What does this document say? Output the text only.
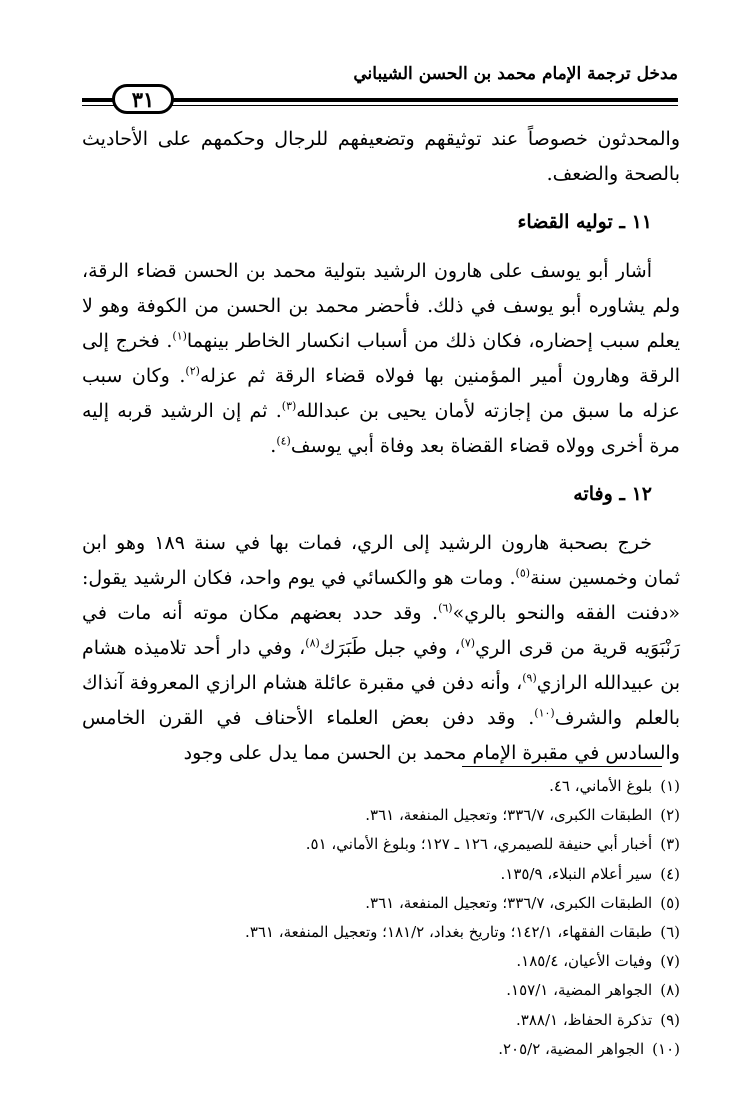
مدخل ترجمة الإمام محمد بن الحسن الشيباني
٣١

والمحدثون خصوصاً عند توثيقهم وتضعيفهم للرجال وحكمهم على الأحاديث بالصحة والضعف.

١١ ـ توليه القضاء

أشار أبو يوسف على هارون الرشيد بتولية محمد بن الحسن قضاء الرقة، ولم يشاوره أبو يوسف في ذلك. فأحضر محمد بن الحسن من الكوفة وهو لا يعلم سبب إحضاره، فكان ذلك من أسباب انكسار الخاطر بينهما$^{(١)}$. فخرج إلى الرقة وهارون أمير المؤمنين بها فولاه قضاء الرقة ثم عزله$^{(٢)}$. وكان سبب عزله ما سبق من إجازته لأمان يحيى بن عبدالله$^{(٣)}$. ثم إن الرشيد قربه إليه مرة أخرى وولاه قضاء القضاة بعد وفاة أبي يوسف$^{(٤)}$.

١٢ ـ وفاته

خرج بصحبة هارون الرشيد إلى الري، فمات بها في سنة ١٨٩ وهو ابن ثمان وخمسين سنة$^{(٥)}$. ومات هو والكسائي في يوم واحد، فكان الرشيد يقول: «دفنت الفقه والنحو بالري»$^{(٦)}$. وقد حدد بعضهم مكان موته أنه مات في رَنْبَوَيه قرية من قرى الري$^{(٧)}$، وفي جبل طَبَرَك$^{(٨)}$، وفي دار أحد تلاميذه هشام بن عبيدالله الرازي$^{(٩)}$، وأنه دفن في مقبرة عائلة هشام الرازي المعروفة آنذاك بالعلم والشرف$^{(١٠)}$. وقد دفن بعض العلماء الأحناف في القرن الخامس والسادس في مقبرة الإمام محمد بن الحسن مما يدل على وجود

(١)بلوغ الأماني، ٤٦.
(٢)الطبقات الكبرى، ٣٣٦/٧؛ وتعجيل المنفعة، ٣٦١.
(٣)أخبار أبي حنيفة للصيمري، ١٢٦ ـ ١٢٧؛ وبلوغ الأماني، ٥١.
(٤)سير أعلام النبلاء، ١٣٥/٩.
(٥)الطبقات الكبرى، ٣٣٦/٧؛ وتعجيل المنفعة، ٣٦١.
(٦)طبقات الفقهاء، ١٤٢/١؛ وتاريخ بغداد، ١٨١/٢؛ وتعجيل المنفعة، ٣٦١.
(٧)وفيات الأعيان، ١٨٥/٤.
(٨)الجواهر المضية، ١٥٧/١.
(٩)تذكرة الحفاظ، ٣٨٨/١.
(١٠)الجواهر المضية، ٢٠٥/٢.
